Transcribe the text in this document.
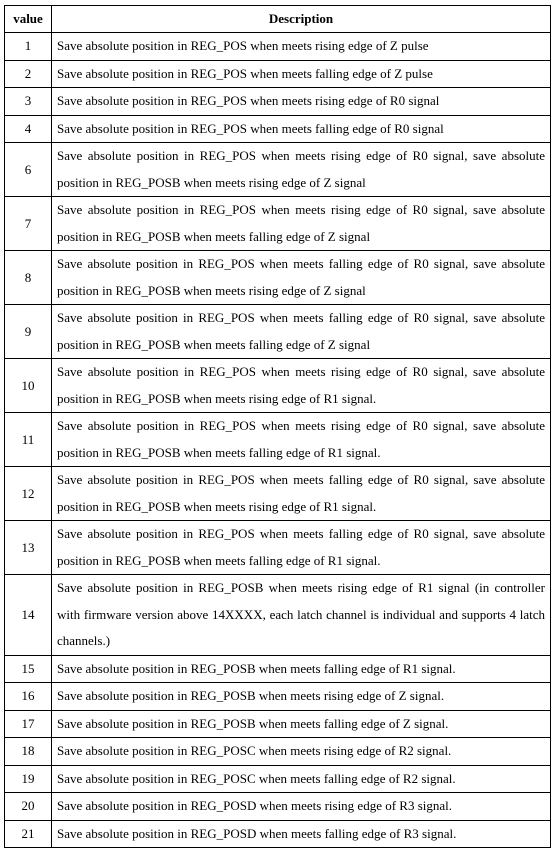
value	Description
1	Save absolute position in REG_POS when meets rising edge of Z pulse
2	Save absolute position in REG_POS when meets falling edge of Z pulse
3	Save absolute position in REG_POS when meets rising edge of R0 signal
4	Save absolute position in REG_POS when meets falling edge of R0 signal
6	Save absolute position in REG_POS when meets rising edge of R0 signal, save absolute position in REG_POSB when meets rising edge of Z signal
7	Save absolute position in REG_POS when meets rising edge of R0 signal, save absolute position in REG_POSB when meets falling edge of Z signal
8	Save absolute position in REG_POS when meets falling edge of R0 signal, save absolute position in REG_POSB when meets rising edge of Z signal
9	Save absolute position in REG_POS when meets falling edge of R0 signal, save absolute position in REG_POSB when meets falling edge of Z signal
10	Save absolute position in REG_POS when meets rising edge of R0 signal, save absolute position in REG_POSB when meets rising edge of R1 signal.
11	Save absolute position in REG_POS when meets rising edge of R0 signal, save absolute position in REG_POSB when meets falling edge of R1 signal.
12	Save absolute position in REG_POS when meets falling edge of R0 signal, save absolute position in REG_POSB when meets rising edge of R1 signal.
13	Save absolute position in REG_POS when meets falling edge of R0 signal, save absolute position in REG_POSB when meets falling edge of R1 signal.
14	Save absolute position in REG_POSB when meets rising edge of R1 signal (in controller with firmware version above 14XXXX, each latch channel is individual and supports 4 latch channels.)
15	Save absolute position in REG_POSB when meets falling edge of R1 signal.
16	Save absolute position in REG_POSB when meets rising edge of Z signal.
17	Save absolute position in REG_POSB when meets falling edge of Z signal.
18	Save absolute position in REG_POSC when meets rising edge of R2 signal.
19	Save absolute position in REG_POSC when meets falling edge of R2 signal.
20	Save absolute position in REG_POSD when meets rising edge of R3 signal.
21	Save absolute position in REG_POSD when meets falling edge of R3 signal.
